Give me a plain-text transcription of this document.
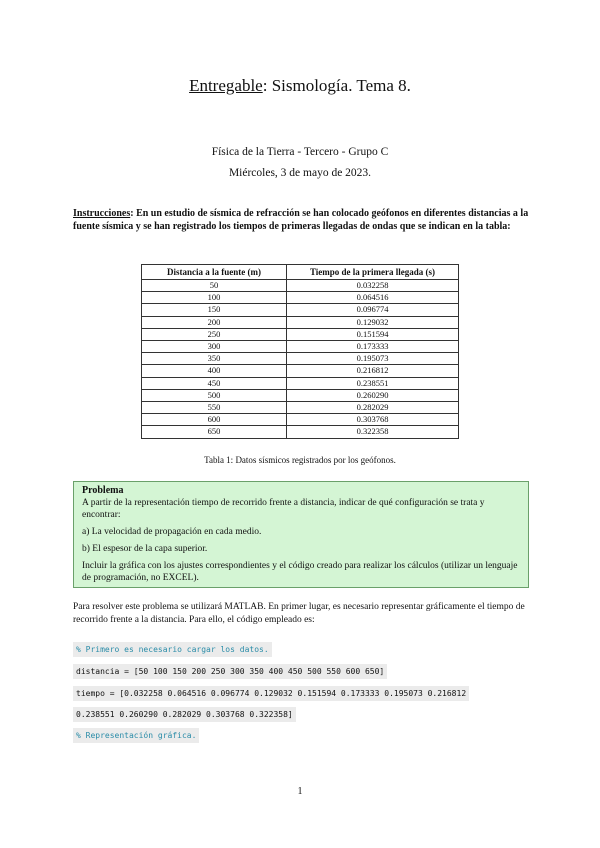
Entregable: Sismología. Tema 8.
Física de la Tierra - Tercero - Grupo C
Miércoles, 3 de mayo de 2023.
Instrucciones: En un estudio de sísmica de refracción se han colocado geófonos en diferentes distancias a la fuente sísmica y se han registrado los tiempos de primeras llegadas de ondas que se indican en la tabla:
Distancia a la fuente (m)	Tiempo de la primera llegada (s)
50	0.032258
100	0.064516
150	0.096774
200	0.129032
250	0.151594
300	0.173333
350	0.195073
400	0.216812
450	0.238551
500	0.260290
550	0.282029
600	0.303768
650	0.322358
Tabla 1: Datos sísmicos registrados por los geófonos.

Problema

A partir de la representación tiempo de recorrido frente a distancia, indicar de qué configuración se trata y encontrar:

a) La velocidad de propagación en cada medio.

b) El espesor de la capa superior.

Incluir la gráfica con los ajustes correspondientes y el código creado para realizar los cálculos (utilizar un lenguaje de programación, no EXCEL).

Para resolver este problema se utilizará MATLAB. En primer lugar, es necesario representar gráficamente el tiempo de recorrido frente a la distancia. Para ello, el código empleado es:
% Primero es necesario cargar los datos.
distancia = [50 100 150 200 250 300 350 400 450 500 550 600 650]
tiempo = [0.032258 0.064516 0.096774 0.129032 0.151594 0.173333 0.195073 0.216812
0.238551 0.260290 0.282029 0.303768 0.322358]
% Representación gráfica.
1
